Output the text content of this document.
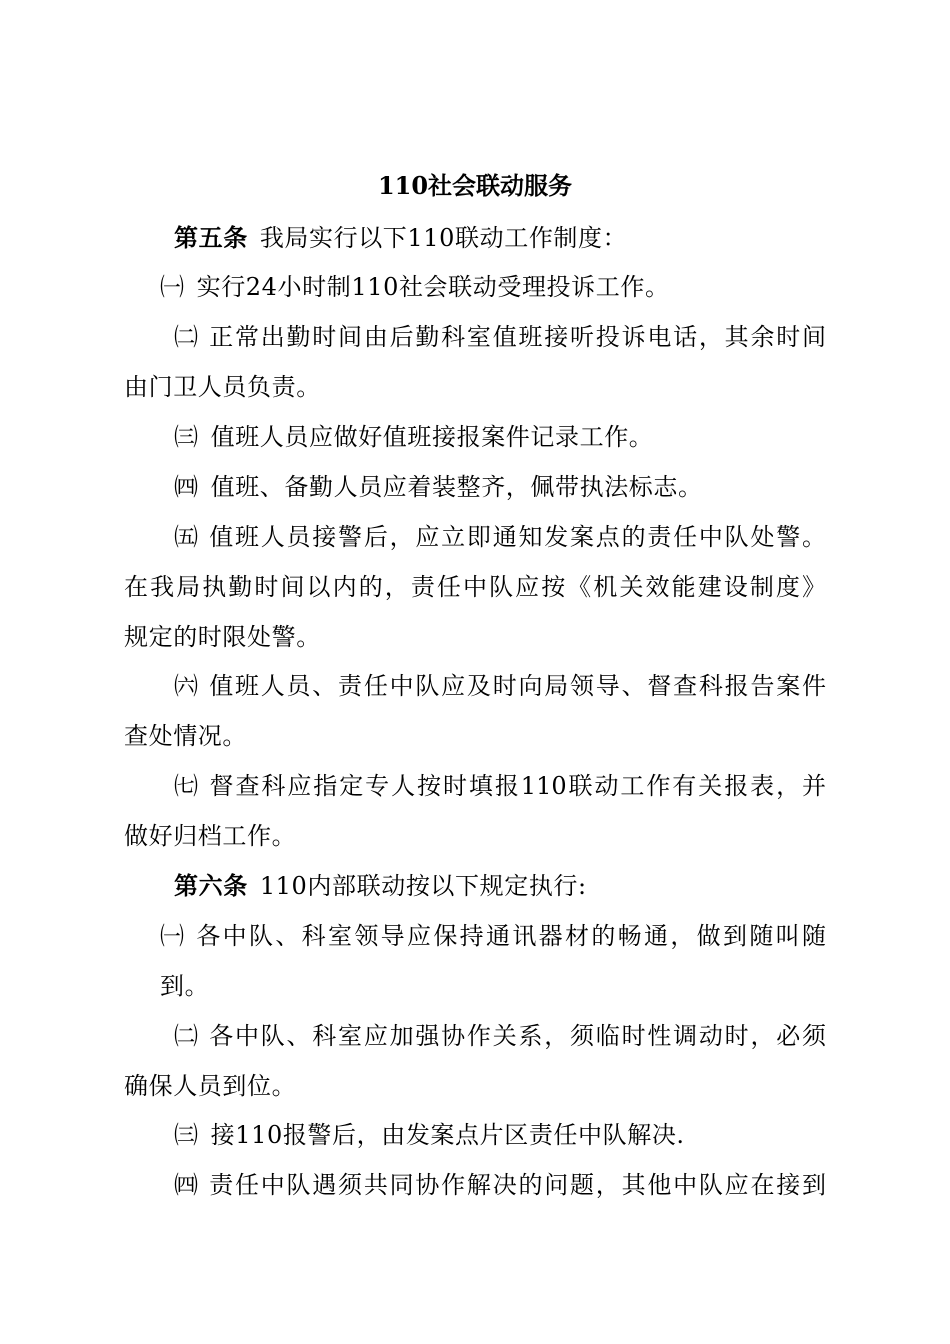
110社会联动服务
第五条 我局实行以下110联动工作制度：
㈠ 实行24小时制110社会联动受理投诉工作。
㈡ 正常出勤时间由后勤科室值班接听投诉电话，其余时间
由门卫人员负责。
㈢ 值班人员应做好值班接报案件记录工作。
㈣ 值班、备勤人员应着装整齐，佩带执法标志。
㈤ 值班人员接警后，应立即通知发案点的责任中队处警。
在我局执勤时间以内的，责任中队应按《机关效能建设制度》
规定的时限处警。
㈥ 值班人员、责任中队应及时向局领导、督查科报告案件
查处情况。
㈦ 督查科应指定专人按时填报110联动工作有关报表，并
做好归档工作。
第六条 110内部联动按以下规定执行:
㈠ 各中队、科室领导应保持通讯器材的畅通，做到随叫随
到。
㈡ 各中队、科室应加强协作关系，须临时性调动时，必须
确保人员到位。
㈢ 接110报警后，由发案点片区责任中队解决.
㈣ 责任中队遇须共同协作解决的问题，其他中队应在接到
